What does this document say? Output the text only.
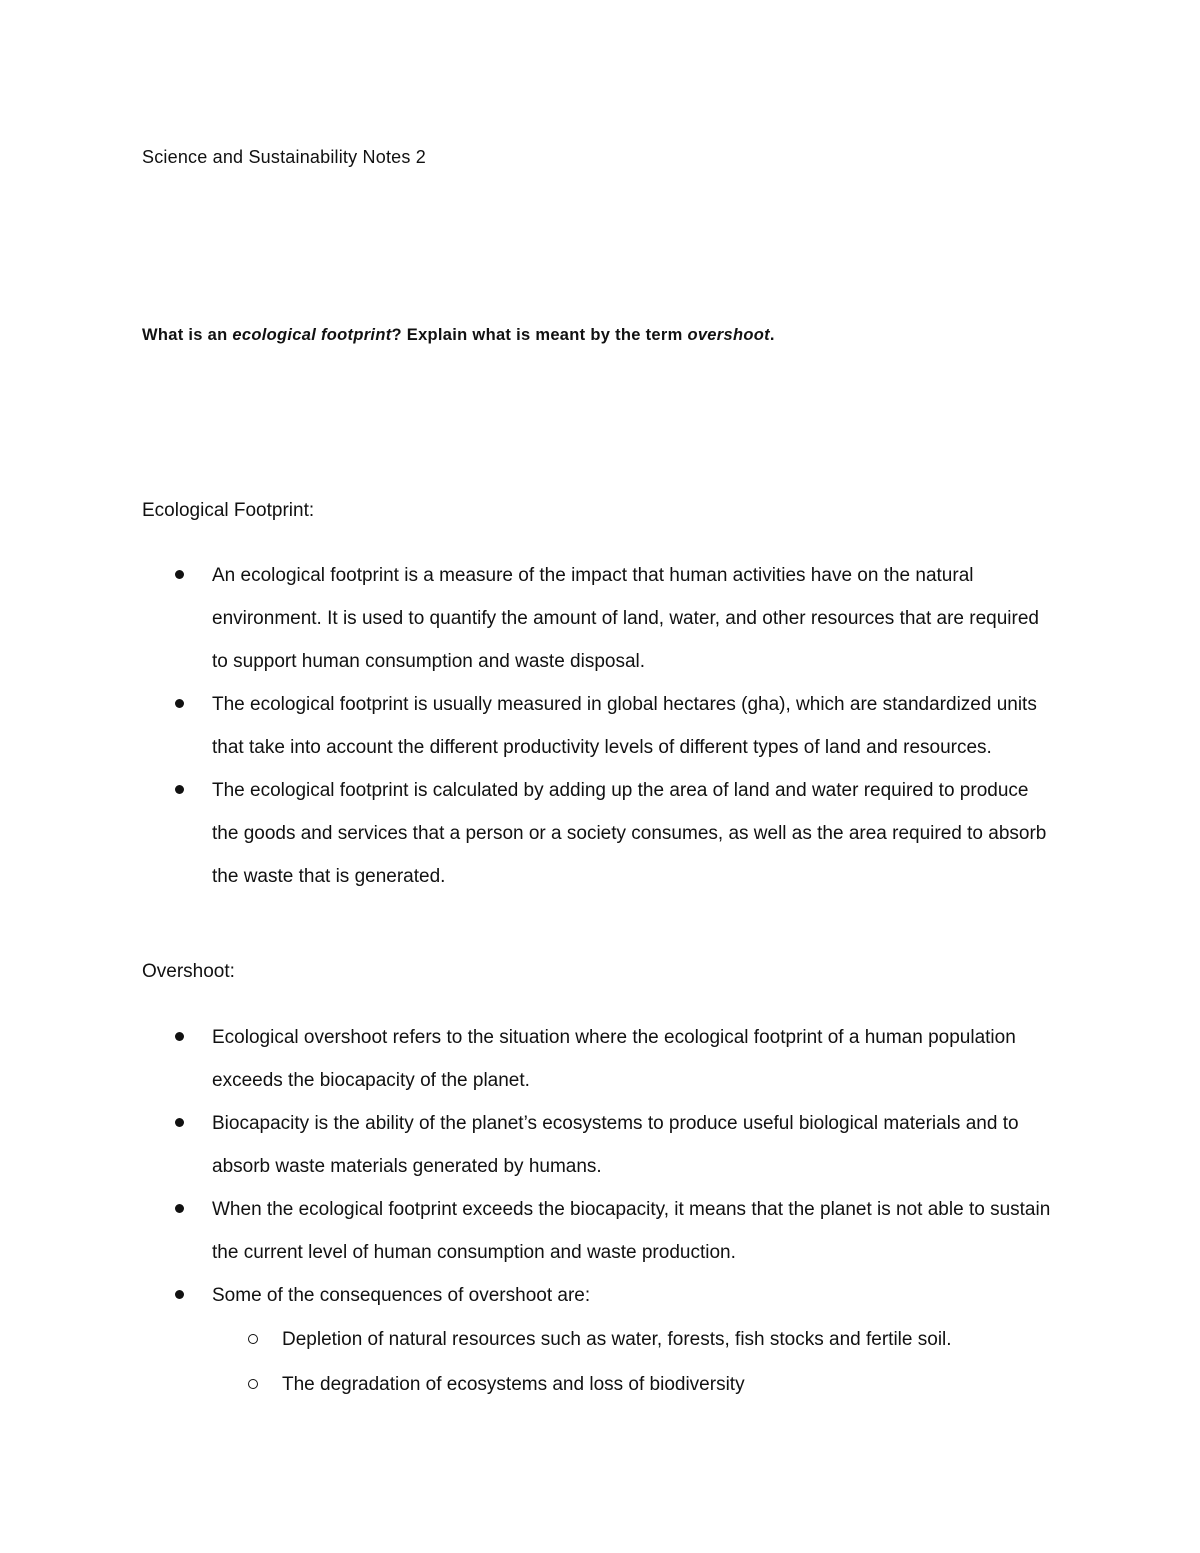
Science and Sustainability Notes 2
What is an ecological footprint? Explain what is meant by the term overshoot.
Ecological Footprint:
An ecological footprint is a measure of the impact that human activities have on the natural environment. It is used to quantify the amount of land, water, and other resources that are required to support human consumption and waste disposal.
The ecological footprint is usually measured in global hectares (gha), which are standardized units that take into account the different productivity levels of different types of land and resources.
The ecological footprint is calculated by adding up the area of land and water required to produce the goods and services that a person or a society consumes, as well as the area required to absorb the waste that is generated.
Overshoot:
Ecological overshoot refers to the situation where the ecological footprint of a human population exceeds the biocapacity of the planet.
Biocapacity is the ability of the planet’s ecosystems to produce useful biological materials and to absorb waste materials generated by humans.
When the ecological footprint exceeds the biocapacity, it means that the planet is not able to sustain the current level of human consumption and waste production.
Some of the consequences of overshoot are:
Depletion of natural resources such as water, forests, fish stocks and fertile soil.
The degradation of ecosystems and loss of biodiversity
